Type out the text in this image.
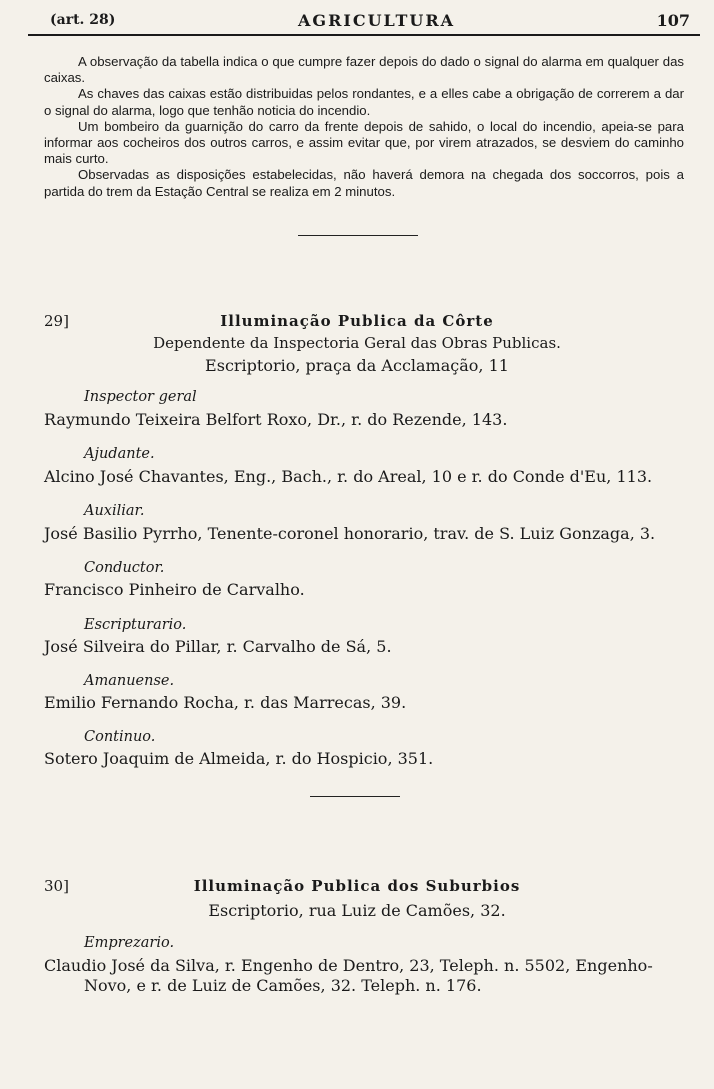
(art. 28)	AGRICULTURA	107

A observação da tabella indica o que cumpre fazer depois do dado o signal do alarma em qualquer das caixas.

As chaves das caixas estão distribuidas pelos rondantes, e a elles cabe a obrigação de correrem a dar o signal do alarma, logo que tenhão noticia do incendio.

Um bombeiro da guarnição do carro da frente depois de sahido, o local do incendio, apeia-se para informar aos cocheiros dos outros carros, e assim evitar que, por virem atrazados, se desviem do caminho mais curto.

Observadas as disposições estabelecidas, não haverá demora na chegada dos soccorros, pois a partida do trem da Estação Central se realiza em 2 minutos.

29]	Illuminação Publica da Côrte
Dependente da Inspectoria Geral das Obras Publicas.
Escriptorio, praça da Acclamação, 11
Inspector geral
Raymundo Teixeira Belfort Roxo, Dr., r. do Rezende, 143.
Ajudante.
Alcino José Chavantes, Eng., Bach., r. do Areal, 10 e r. do Conde d'Eu, 113.
Auxiliar.
José Basilio Pyrrho, Tenente-coronel honorario, trav. de S. Luiz Gonzaga, 3.
Conductor.
Francisco Pinheiro de Carvalho.
Escripturario.
José Silveira do Pillar, r. Carvalho de Sá, 5.
Amanuense.
Emilio Fernando Rocha, r. das Marrecas, 39.
Continuo.
Sotero Joaquim de Almeida, r. do Hospicio, 351.
30]	Illuminação Publica dos Suburbios
Escriptorio, rua Luiz de Camões, 32.
Emprezario.
Claudio José da Silva, r. Engenho de Dentro, 23, Teleph. n. 5502, Engenho-
Novo, e r. de Luiz de Camões, 32. Teleph. n. 176.
